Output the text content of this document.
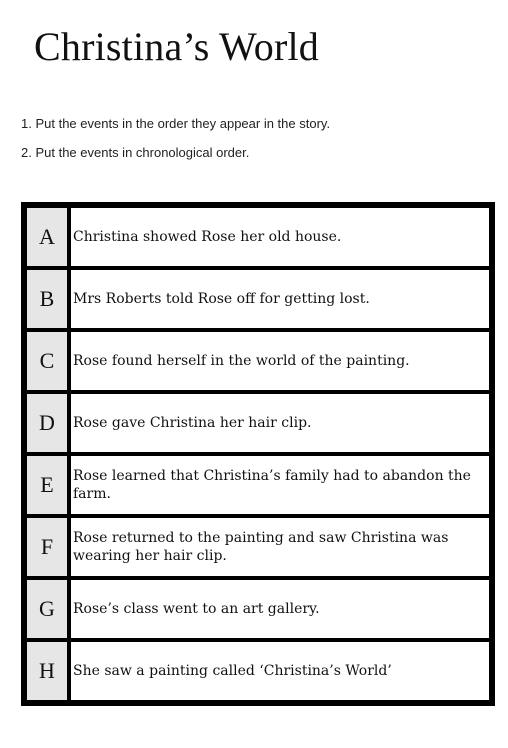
Christina’s World
1. Put the events in the order they appear in the story.
2. Put the events in chronological order.
A	Christina showed Rose her old house.
B	Mrs Roberts told Rose off for getting lost.
C	Rose found herself in the world of the painting.
D	Rose gave Christina her hair clip.
E	Rose learned that Christina’s family had to abandon the farm.
F	Rose returned to the painting and saw Christina was wearing her hair clip.
G	Rose’s class went to an art gallery.
H	She saw a painting called ‘Christina’s World’
